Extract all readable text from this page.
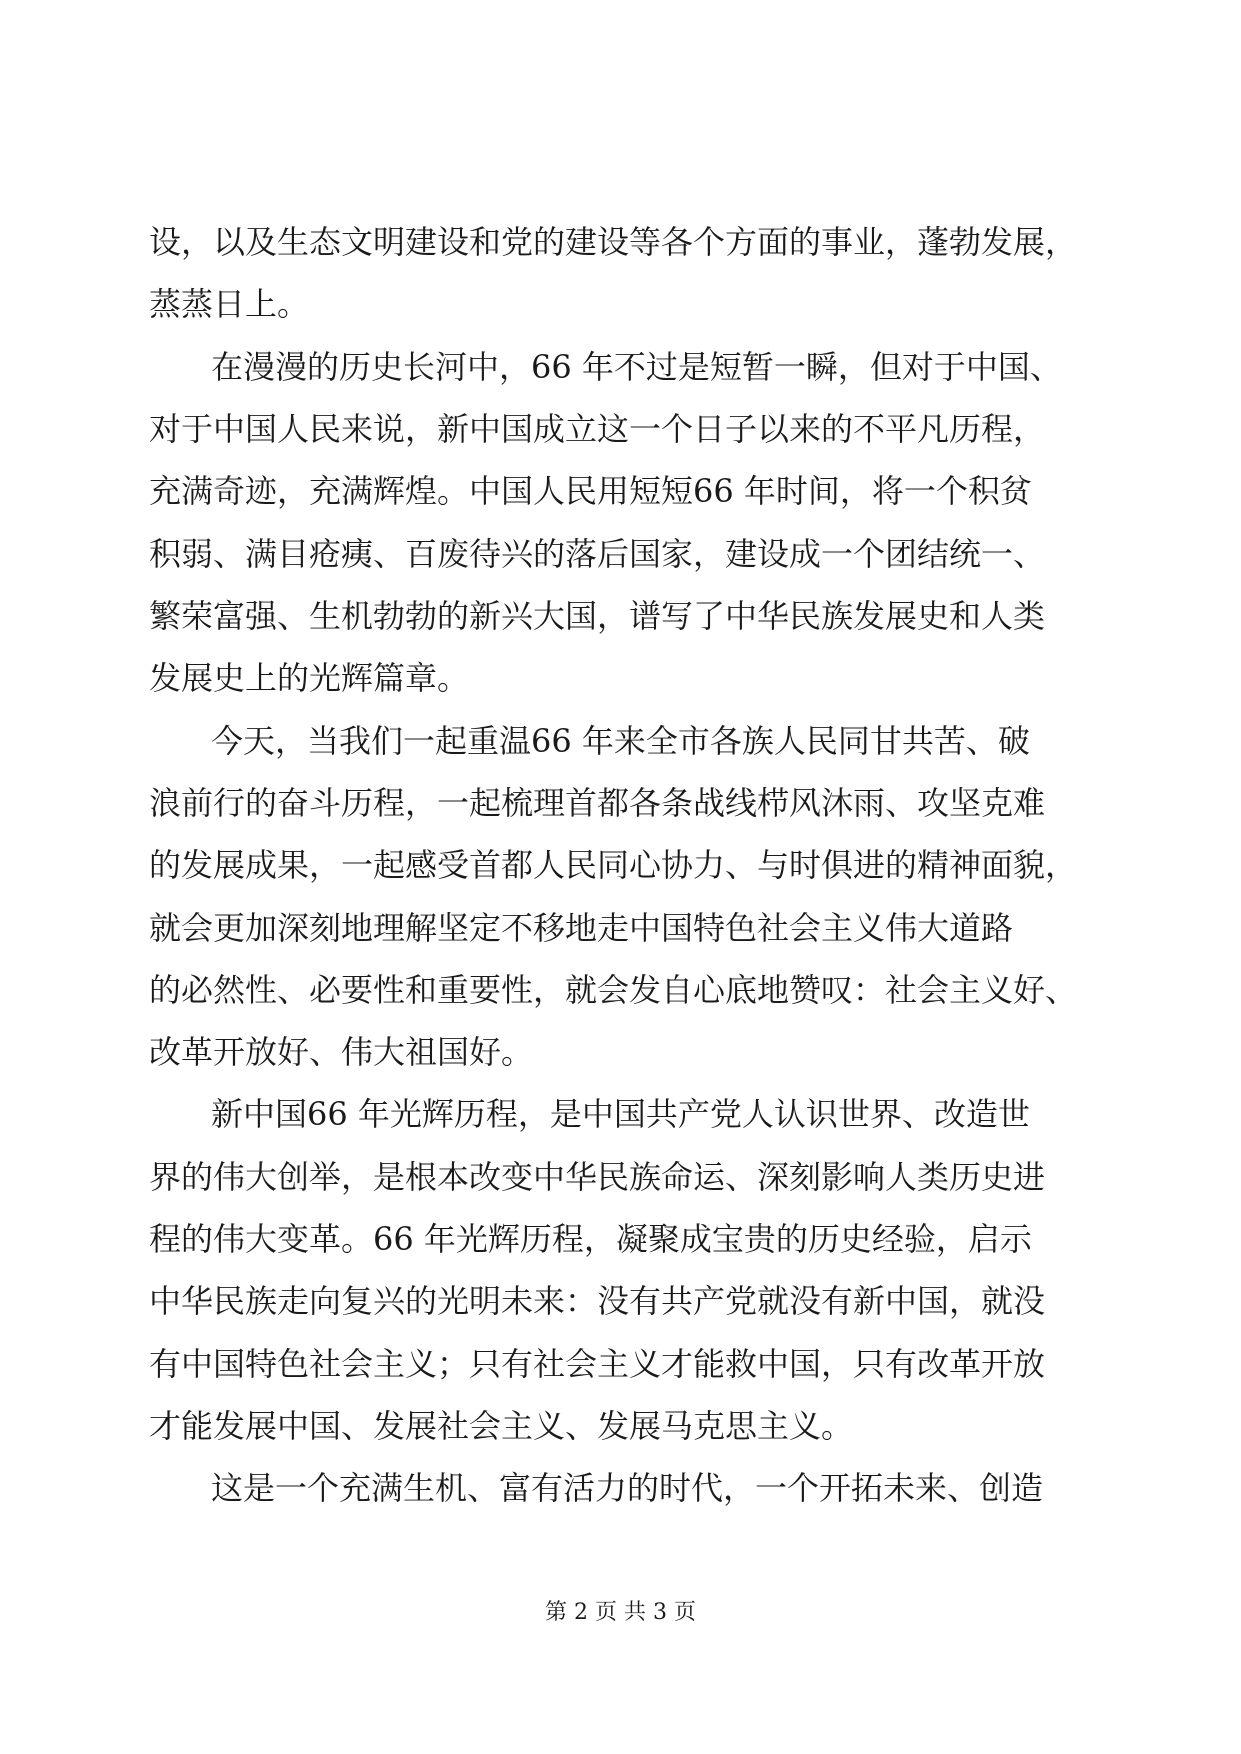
设，以及生态文明建设和党的建设等各个方面的事业，蓬勃发展，
蒸蒸日上。
在漫漫的历史长河中，66 年不过是短暂一瞬，但对于中国、
对于中国人民来说，新中国成立这一个日子以来的不平凡历程，
充满奇迹，充满辉煌。中国人民用短短66 年时间，将一个积贫
积弱、满目疮痍、百废待兴的落后国家，建设成一个团结统一、
繁荣富强、生机勃勃的新兴大国，谱写了中华民族发展史和人类
发展史上的光辉篇章。
今天，当我们一起重温66 年来全市各族人民同甘共苦、破
浪前行的奋斗历程，一起梳理首都各条战线栉风沐雨、攻坚克难
的发展成果，一起感受首都人民同心协力、与时俱进的精神面貌，
就会更加深刻地理解坚定不移地走中国特色社会主义伟大道路
的必然性、必要性和重要性，就会发自心底地赞叹：社会主义好、
改革开放好、伟大祖国好。
新中国66 年光辉历程，是中国共产党人认识世界、改造世
界的伟大创举，是根本改变中华民族命运、深刻影响人类历史进
程的伟大变革。66 年光辉历程，凝聚成宝贵的历史经验，启示
中华民族走向复兴的光明未来：没有共产党就没有新中国，就没
有中国特色社会主义；只有社会主义才能救中国，只有改革开放
才能发展中国、发展社会主义、发展马克思主义。
这是一个充满生机、富有活力的时代，一个开拓未来、创造
第 2 页 共 3 页
